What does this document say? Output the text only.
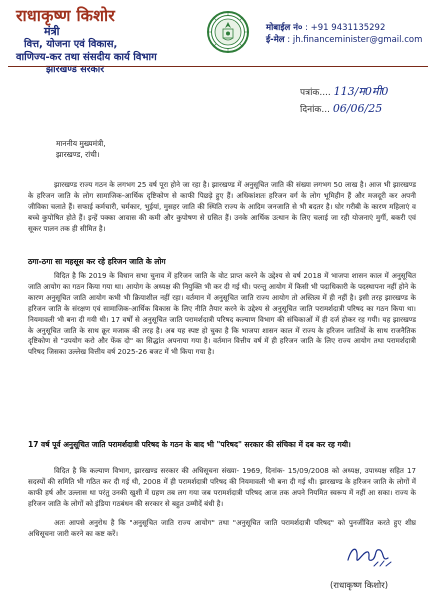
राधाकृष्ण किशोर
मंत्री
वित्त, योजना एवं विकास,
वाणिज्य-कर तथा संसदीय कार्य विभाग
झारखण्ड सरकार
मोबाईल नं० : +91 9431135292
ई-मेल : jh.financeminister@gmail.com
पत्रांक.... 113/म0मी0
दिनांक... 06/06/25
माननीय मुख्यमंत्री,
झारखण्ड, रांची।
झारखण्ड राज्य गठन के लगभग 25 वर्ष पूरा होने जा रहा है। झारखण्ड में अनुसूचित जाति की संख्या लगभग 50 लाख है। आज भी झारखण्ड के हरिजन जाति के लोग सामाजिक-आर्थिक दृष्टिकोण से काफी पिछड़े हुए हैं। अधिकांशतः हरिजन वर्ग के लोग भूमिहीन हैं और मजदूरी कर अपनी जीविका चलाते हैं। सफाई कर्मचारी, चर्मकार, भुईयां, मुसहर जाति की स्थिति राज्य के आदिम जनजाति से भी बदतर है। घोर गरीबी के कारण महिलाएं व बच्चे कुपोषित होते हैं। इन्हें पक्का आवास की कमी और कुपोषण से ग्रसित हैं। उनके आर्थिक उत्थान के लिए चलाई जा रही योजनाएं मुर्गी, बकरी एवं सूकर पालन तक ही सीमित है।
ठगा-ठगा सा महसूस कर रहे हरिजन जाति के लोग
विदित है कि 2019 के विधान सभा चुनाव में हरिजन जाति के वोट प्राप्त करने के उद्देश्य से वर्ष 2018 में भाजपा शासन काल में अनुसूचित जाति आयोग का गठन किया गया था। आयोग के अध्यक्ष की नियुक्ति भी कर दी गई थी। परन्तु आयोग में किसी भी पदाधिकारी के पदस्थापना नहीं होने के कारण अनुसूचित जाति आयोग कभी भी क्रियाशील नहीं रहा। वर्तमान में अनुसूचित जाति राज्य आयोग तो अस्तित्व में ही नहीं है। इसी तरह झारखण्ड के हरिजन जाति के संरक्षण एवं सामाजिक-आर्थिक विकास के लिए नीति तैयार करने के उद्देश्य से अनुसूचित जाति परामर्शदात्री परिषद का गठन किया था। नियमावली भी बना दी गयी थी। 17 वर्षों से अनुसूचित जाति परामर्शदात्री परिषद कल्याण विभाग की संचिकाओं में ही दर्ज होकर रह गयी। यह झारखण्ड के अनुसूचित जाति के साथ क्रूर मजाक की तरह है। अब यह स्पष्ट हो चुका है कि भाजपा शासन काल में राज्य के हरिजन जातियों के साथ राजनैतिक दृष्टिकोण से "उपयोग करो और फेंक दो" का सिद्धांत अपनाया गया है। वर्तमान वित्तीय वर्ष में ही हरिजन जाति के लिए राज्य आयोग तथा परामर्शदात्री परिषद जिसका उल्लेख वित्तीय वर्ष 2025-26 बजट में भी किया गया है।
17 वर्ष पूर्व अनुसूचित जाति परामर्शदात्री परिषद के गठन के बाद भी "परिषद" सरकार की संचिका में दब कर रह गयी।
विदित है कि कल्याण विभाग, झारखण्ड सरकार की अधिसूचना संख्या- 1969, दिनांक- 15/09/2008 को अध्यक्ष, उपाध्यक्ष सहित 17 सदस्यों की समिति भी गठित कर दी गई थी, 2008 में ही परामर्शदात्री परिषद की नियमावली भी बना दी गई थी। झारखण्ड के हरिजन जाति के लोगों में काफी हर्ष और उल्लास था परंतु उनकी खुशी में ग्रहण तब लग गया जब परामर्शदात्री परिषद आज तक अपने नियमित स्वरूप में नहीं आ सका। राज्य के हरिजन जाति के लोगों को इंडिया गठबंधन की सरकार से बहुत उम्मीदें बंधी है।
अतः आपसे अनुरोध है कि "अनुसूचित जाति राज्य आयोग" तथा "अनुसूचित जाति परामर्शदात्री परिषद" को पुनर्जीवित करते हुए शीघ्र अधिसूचना जारी करने का कष्ट करें।
(राधाकृष्ण किशोर)
